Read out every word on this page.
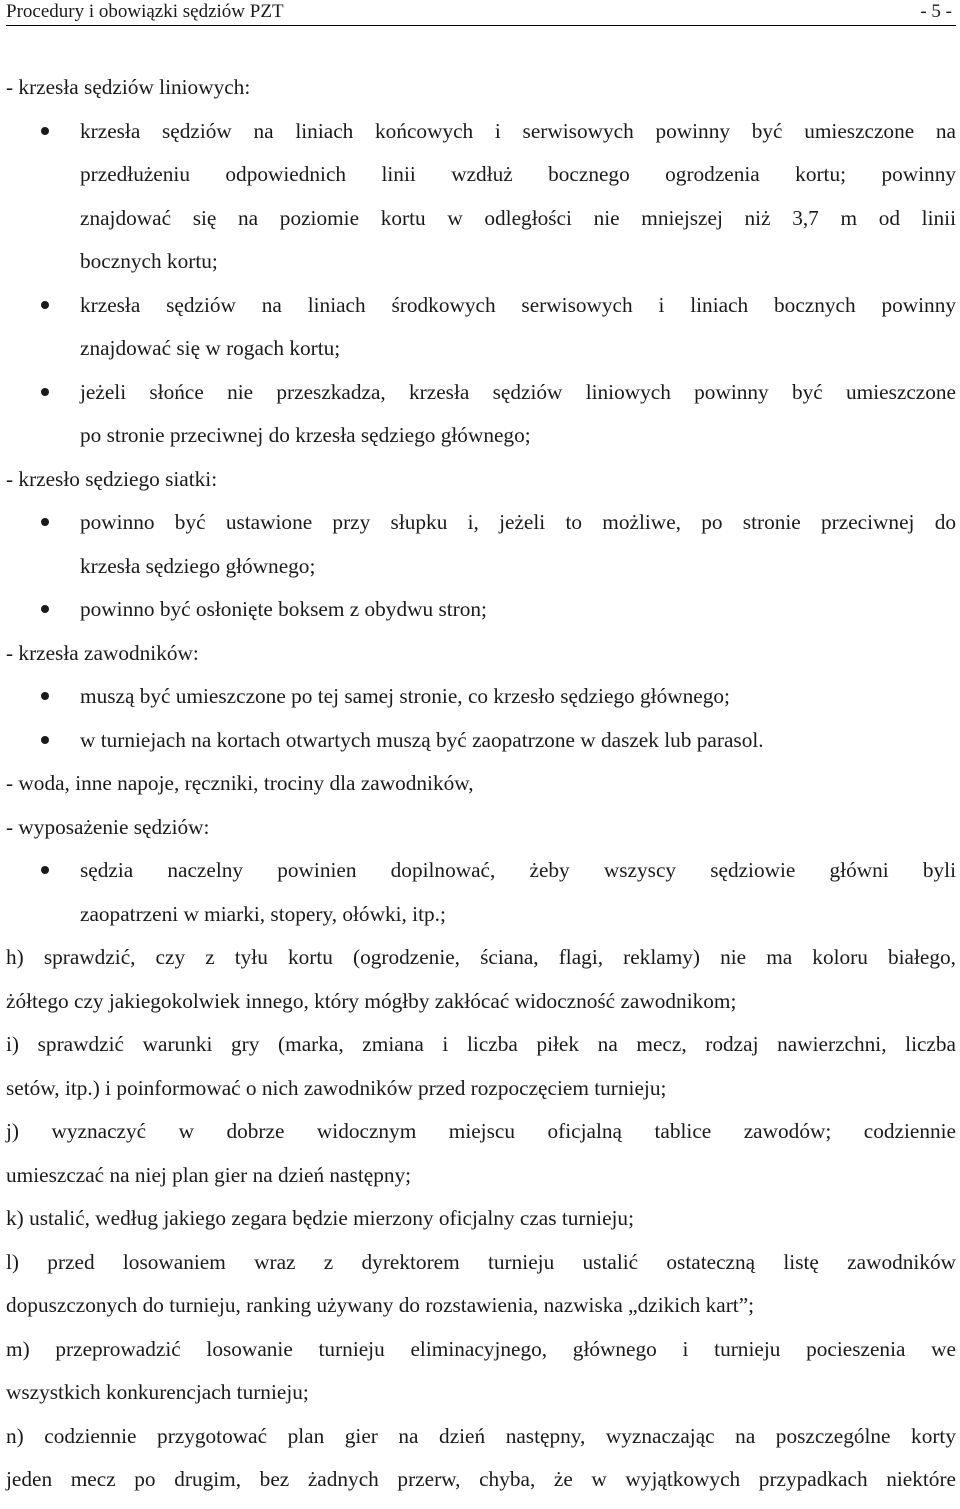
Procedury i obowiązki sędziów PZT	- 5 -
- krzesła sędziów liniowych:
krzesła sędziów na liniach końcowych i serwisowych powinny być umieszczone na
przedłużeniu odpowiednich linii wzdłuż bocznego ogrodzenia kortu; powinny
znajdować się na poziomie kortu w odległości nie mniejszej niż 3,7 m od linii
bocznych kortu;
krzesła sędziów na liniach środkowych serwisowych i liniach bocznych powinny
znajdować się w rogach kortu;
jeżeli słońce nie przeszkadza, krzesła sędziów liniowych powinny być umieszczone
po stronie przeciwnej do krzesła sędziego głównego;
- krzesło sędziego siatki:
powinno być ustawione przy słupku i, jeżeli to możliwe, po stronie przeciwnej do
krzesła sędziego głównego;
powinno być osłonięte boksem z obydwu stron;
- krzesła zawodników:
muszą być umieszczone po tej samej stronie, co krzesło sędziego głównego;
w turniejach na kortach otwartych muszą być zaopatrzone w daszek lub parasol.
- woda, inne napoje, ręczniki, trociny dla zawodników,
- wyposażenie sędziów:
sędzia naczelny powinien dopilnować, żeby wszyscy sędziowie główni byli
zaopatrzeni w miarki, stopery, ołówki, itp.;
h) sprawdzić, czy z tyłu kortu (ogrodzenie, ściana, flagi, reklamy) nie ma koloru białego,
żółtego czy jakiegokolwiek innego, który mógłby zakłócać widoczność zawodnikom;
i) sprawdzić warunki gry (marka, zmiana i liczba piłek na mecz, rodzaj nawierzchni, liczba
setów, itp.) i poinformować o nich zawodników przed rozpoczęciem turnieju;
j) wyznaczyć w dobrze widocznym miejscu oficjalną tablice zawodów; codziennie
umieszczać na niej plan gier na dzień następny;
k) ustalić, według jakiego zegara będzie mierzony oficjalny czas turnieju;
l) przed losowaniem wraz z dyrektorem turnieju ustalić ostateczną listę zawodników
dopuszczonych do turnieju, ranking używany do rozstawienia, nazwiska „dzikich kart”;
m) przeprowadzić losowanie turnieju eliminacyjnego, głównego i turnieju pocieszenia we
wszystkich konkurencjach turnieju;
n) codziennie przygotować plan gier na dzień następny, wyznaczając na poszczególne korty
jeden mecz po drugim, bez żadnych przerw, chyba, że w wyjątkowych przypadkach niektóre
